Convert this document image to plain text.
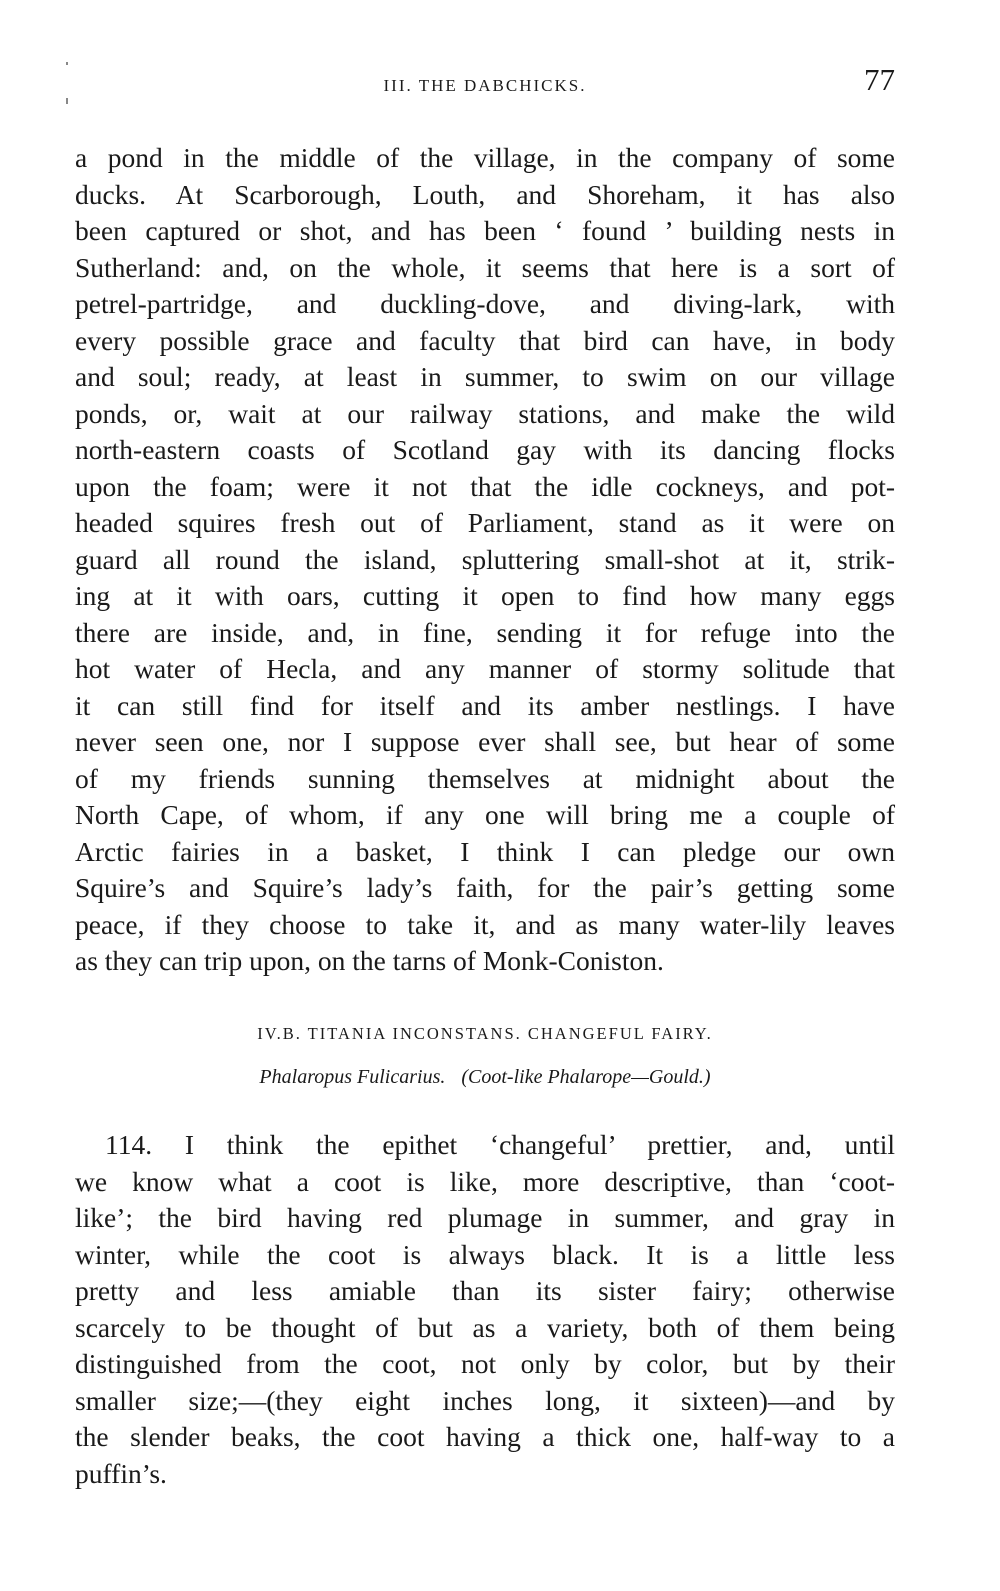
III. THE DABCHICKS.	77
a pond in the middle of the village, in the company of some
ducks. At Scarborough, Louth, and Shoreham, it has also
been captured or shot, and has been ‘ found ’ building nests in
Sutherland: and, on the whole, it seems that here is a sort of
petrel-partridge, and duckling-dove, and diving-lark, with
every possible grace and faculty that bird can have, in body
and soul; ready, at least in summer, to swim on our village
ponds, or, wait at our railway stations, and make the wild
north-eastern coasts of Scotland gay with its dancing flocks
upon the foam; were it not that the idle cockneys, and pot-
headed squires fresh out of Parliament, stand as it were on
guard all round the island, spluttering small-shot at it, strik-
ing at it with oars, cutting it open to find how many eggs
there are inside, and, in fine, sending it for refuge into the
hot water of Hecla, and any manner of stormy solitude that
it can still find for itself and its amber nestlings. I have
never seen one, nor I suppose ever shall see, but hear of some
of my friends sunning themselves at midnight about the
North Cape, of whom, if any one will bring me a couple of
Arctic fairies in a basket, I think I can pledge our own
Squire’s and Squire’s lady’s faith, for the pair’s getting some
peace, if they choose to take it, and as many water-lily leaves
as they can trip upon, on the tarns of Monk-Coniston.
IV.B. TITANIA INCONSTANS. CHANGEFUL FAIRY.
Phalaropus Fulicarius. (Coot-like Phalarope—Gould.)
114. I think the epithet ‘changeful’ prettier, and, until
we know what a coot is like, more descriptive, than ‘coot-
like’; the bird having red plumage in summer, and gray in
winter, while the coot is always black. It is a little less
pretty and less amiable than its sister fairy; otherwise
scarcely to be thought of but as a variety, both of them being
distinguished from the coot, not only by color, but by their
smaller size;—(they eight inches long, it sixteen)—and by
the slender beaks, the coot having a thick one, half-way to a
puffin’s.
